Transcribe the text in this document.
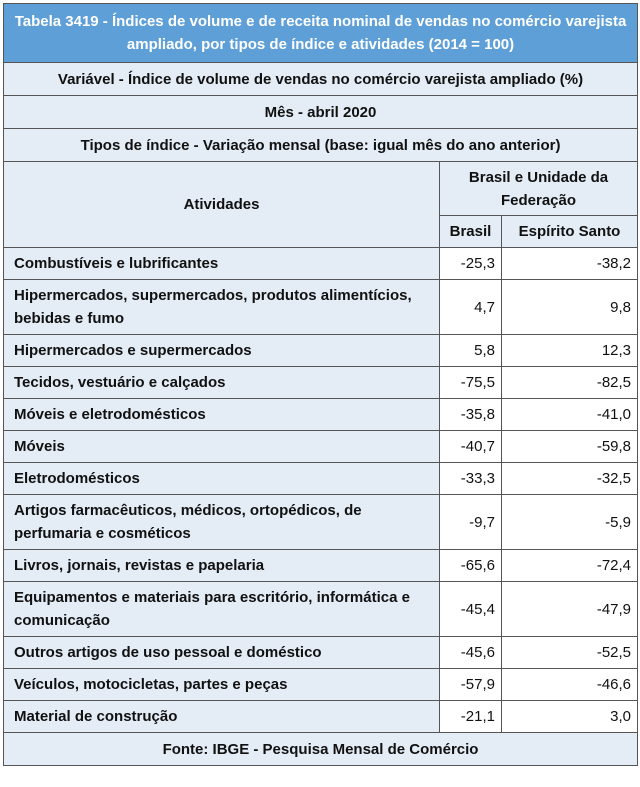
Tabela 3419 - Índices de volume e de receita nominal de vendas no comércio varejista ampliado, por tipos de índice e atividades (2014 = 100)		
Variável - Índice de volume de vendas no comércio varejista ampliado (%)		
Mês - abril 2020		
Tipos de índice - Variação mensal (base: igual mês do ano anterior)		
Atividades	Brasil e Unidade da Federação	
	Brasil	Espírito Santo
Combustíveis e lubrificantes	-25,3	-38,2
Hipermercados, supermercados, produtos alimentícios, bebidas e fumo	4,7	9,8
Hipermercados e supermercados	5,8	12,3
Tecidos, vestuário e calçados	-75,5	-82,5
Móveis e eletrodomésticos	-35,8	-41,0
Móveis	-40,7	-59,8
Eletrodomésticos	-33,3	-32,5
Artigos farmacêuticos, médicos, ortopédicos, de perfumaria e cosméticos	-9,7	-5,9
Livros, jornais, revistas e papelaria	-65,6	-72,4
Equipamentos e materiais para escritório, informática e comunicação	-45,4	-47,9
Outros artigos de uso pessoal e doméstico	-45,6	-52,5
Veículos, motocicletas, partes e peças	-57,9	-46,6
Material de construção	-21,1	3,0
Fonte: IBGE - Pesquisa Mensal de Comércio		
